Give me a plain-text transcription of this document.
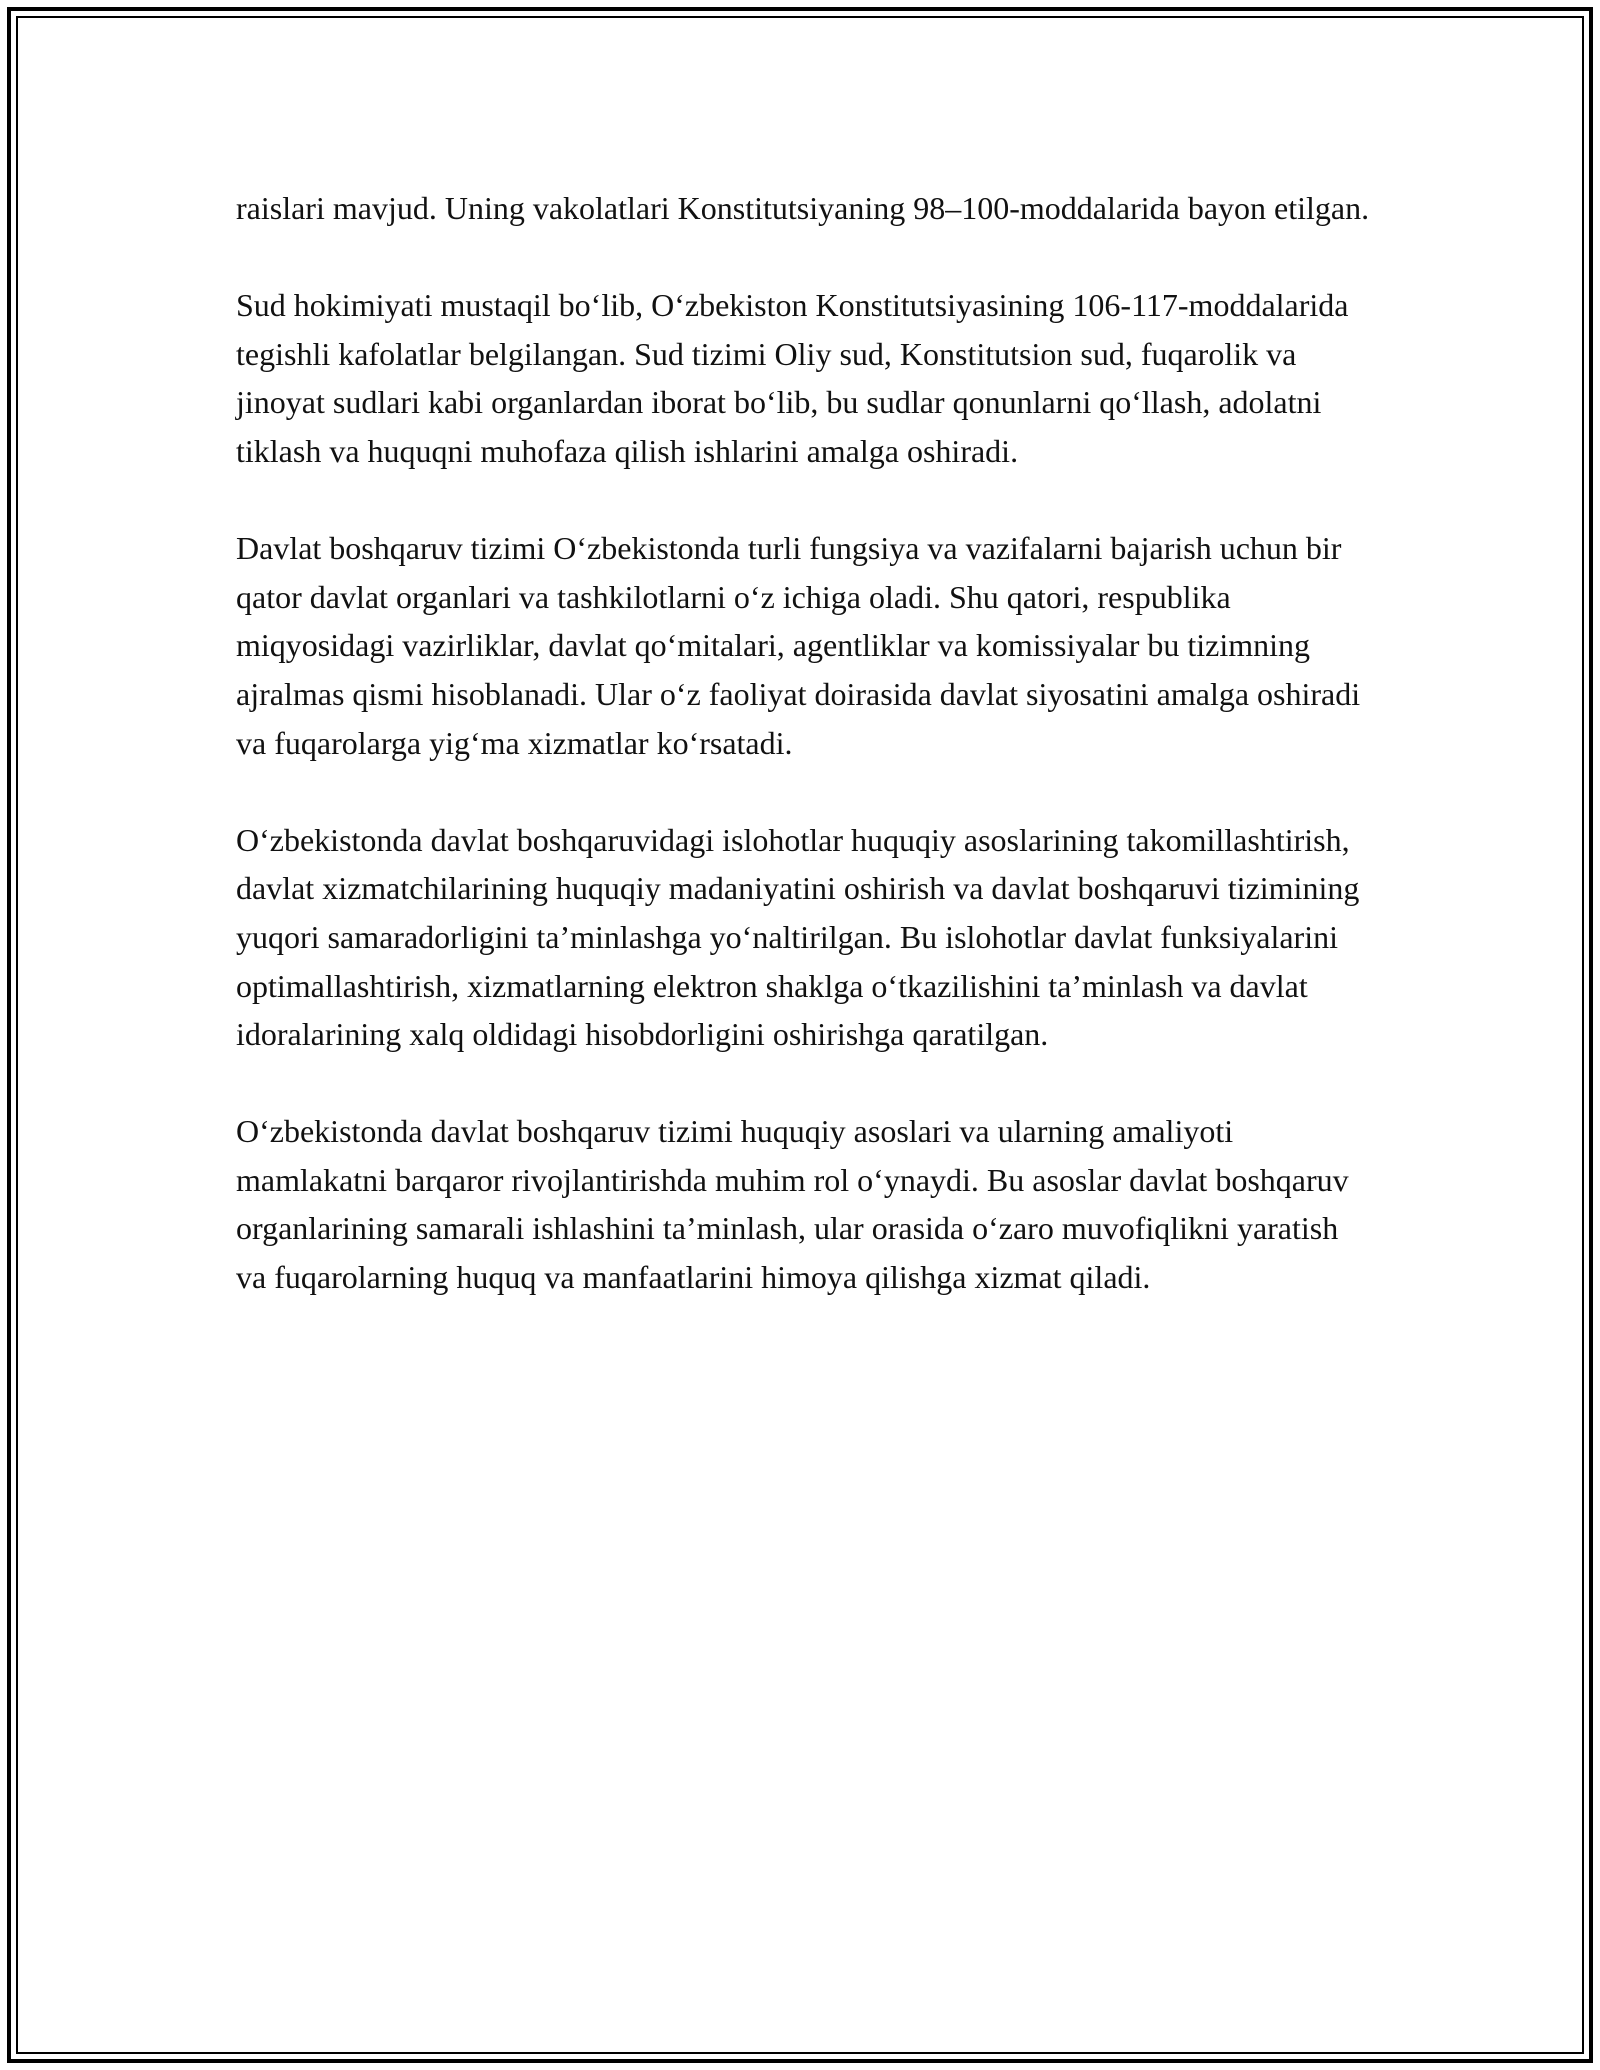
raislari mavjud. Uning vakolatlari Konstitutsiyaning 98–100-moddalarida bayon etilgan.

Sud hokimiyati mustaqil bo‘lib, O‘zbekiston Konstitutsiyasining 106-117-moddalarida tegishli kafolatlar belgilangan. Sud tizimi Oliy sud, Konstitutsion sud, fuqarolik va jinoyat sudlari kabi organlardan iborat bo‘lib, bu sudlar qonunlarni qo‘llash, adolatni tiklash va huquqni muhofaza qilish ishlarini amalga oshiradi.

Davlat boshqaruv tizimi O‘zbekistonda turli fungsiya va vazifalarni bajarish uchun bir qator davlat organlari va tashkilotlarni o‘z ichiga oladi. Shu qatori, respublika miqyosidagi vazirliklar, davlat qo‘mitalari, agentliklar va komissiyalar bu tizimning ajralmas qismi hisoblanadi. Ular o‘z faoliyat doirasida davlat siyosatini amalga oshiradi va fuqarolarga yig‘ma xizmatlar ko‘rsatadi.

O‘zbekistonda davlat boshqaruvidagi islohotlar huquqiy asoslarining takomillashtirish, davlat xizmatchilarining huquqiy madaniyatini oshirish va davlat boshqaruvi tizimining yuqori samaradorligini ta’minlashga yo‘naltirilgan. Bu islohotlar davlat funksiyalarini optimallashtirish, xizmatlarning elektron shaklga o‘tkazilishini ta’minlash va davlat idoralarining xalq oldidagi hisobdorligini oshirishga qaratilgan.

O‘zbekistonda davlat boshqaruv tizimi huquqiy asoslari va ularning amaliyoti mamlakatni barqaror rivojlantirishda muhim rol o‘ynaydi. Bu asoslar davlat boshqaruv organlarining samarali ishlashini ta’minlash, ular orasida o‘zaro muvofiqlikni yaratish va fuqarolarning huquq va manfaatlarini himoya qilishga xizmat qiladi.
